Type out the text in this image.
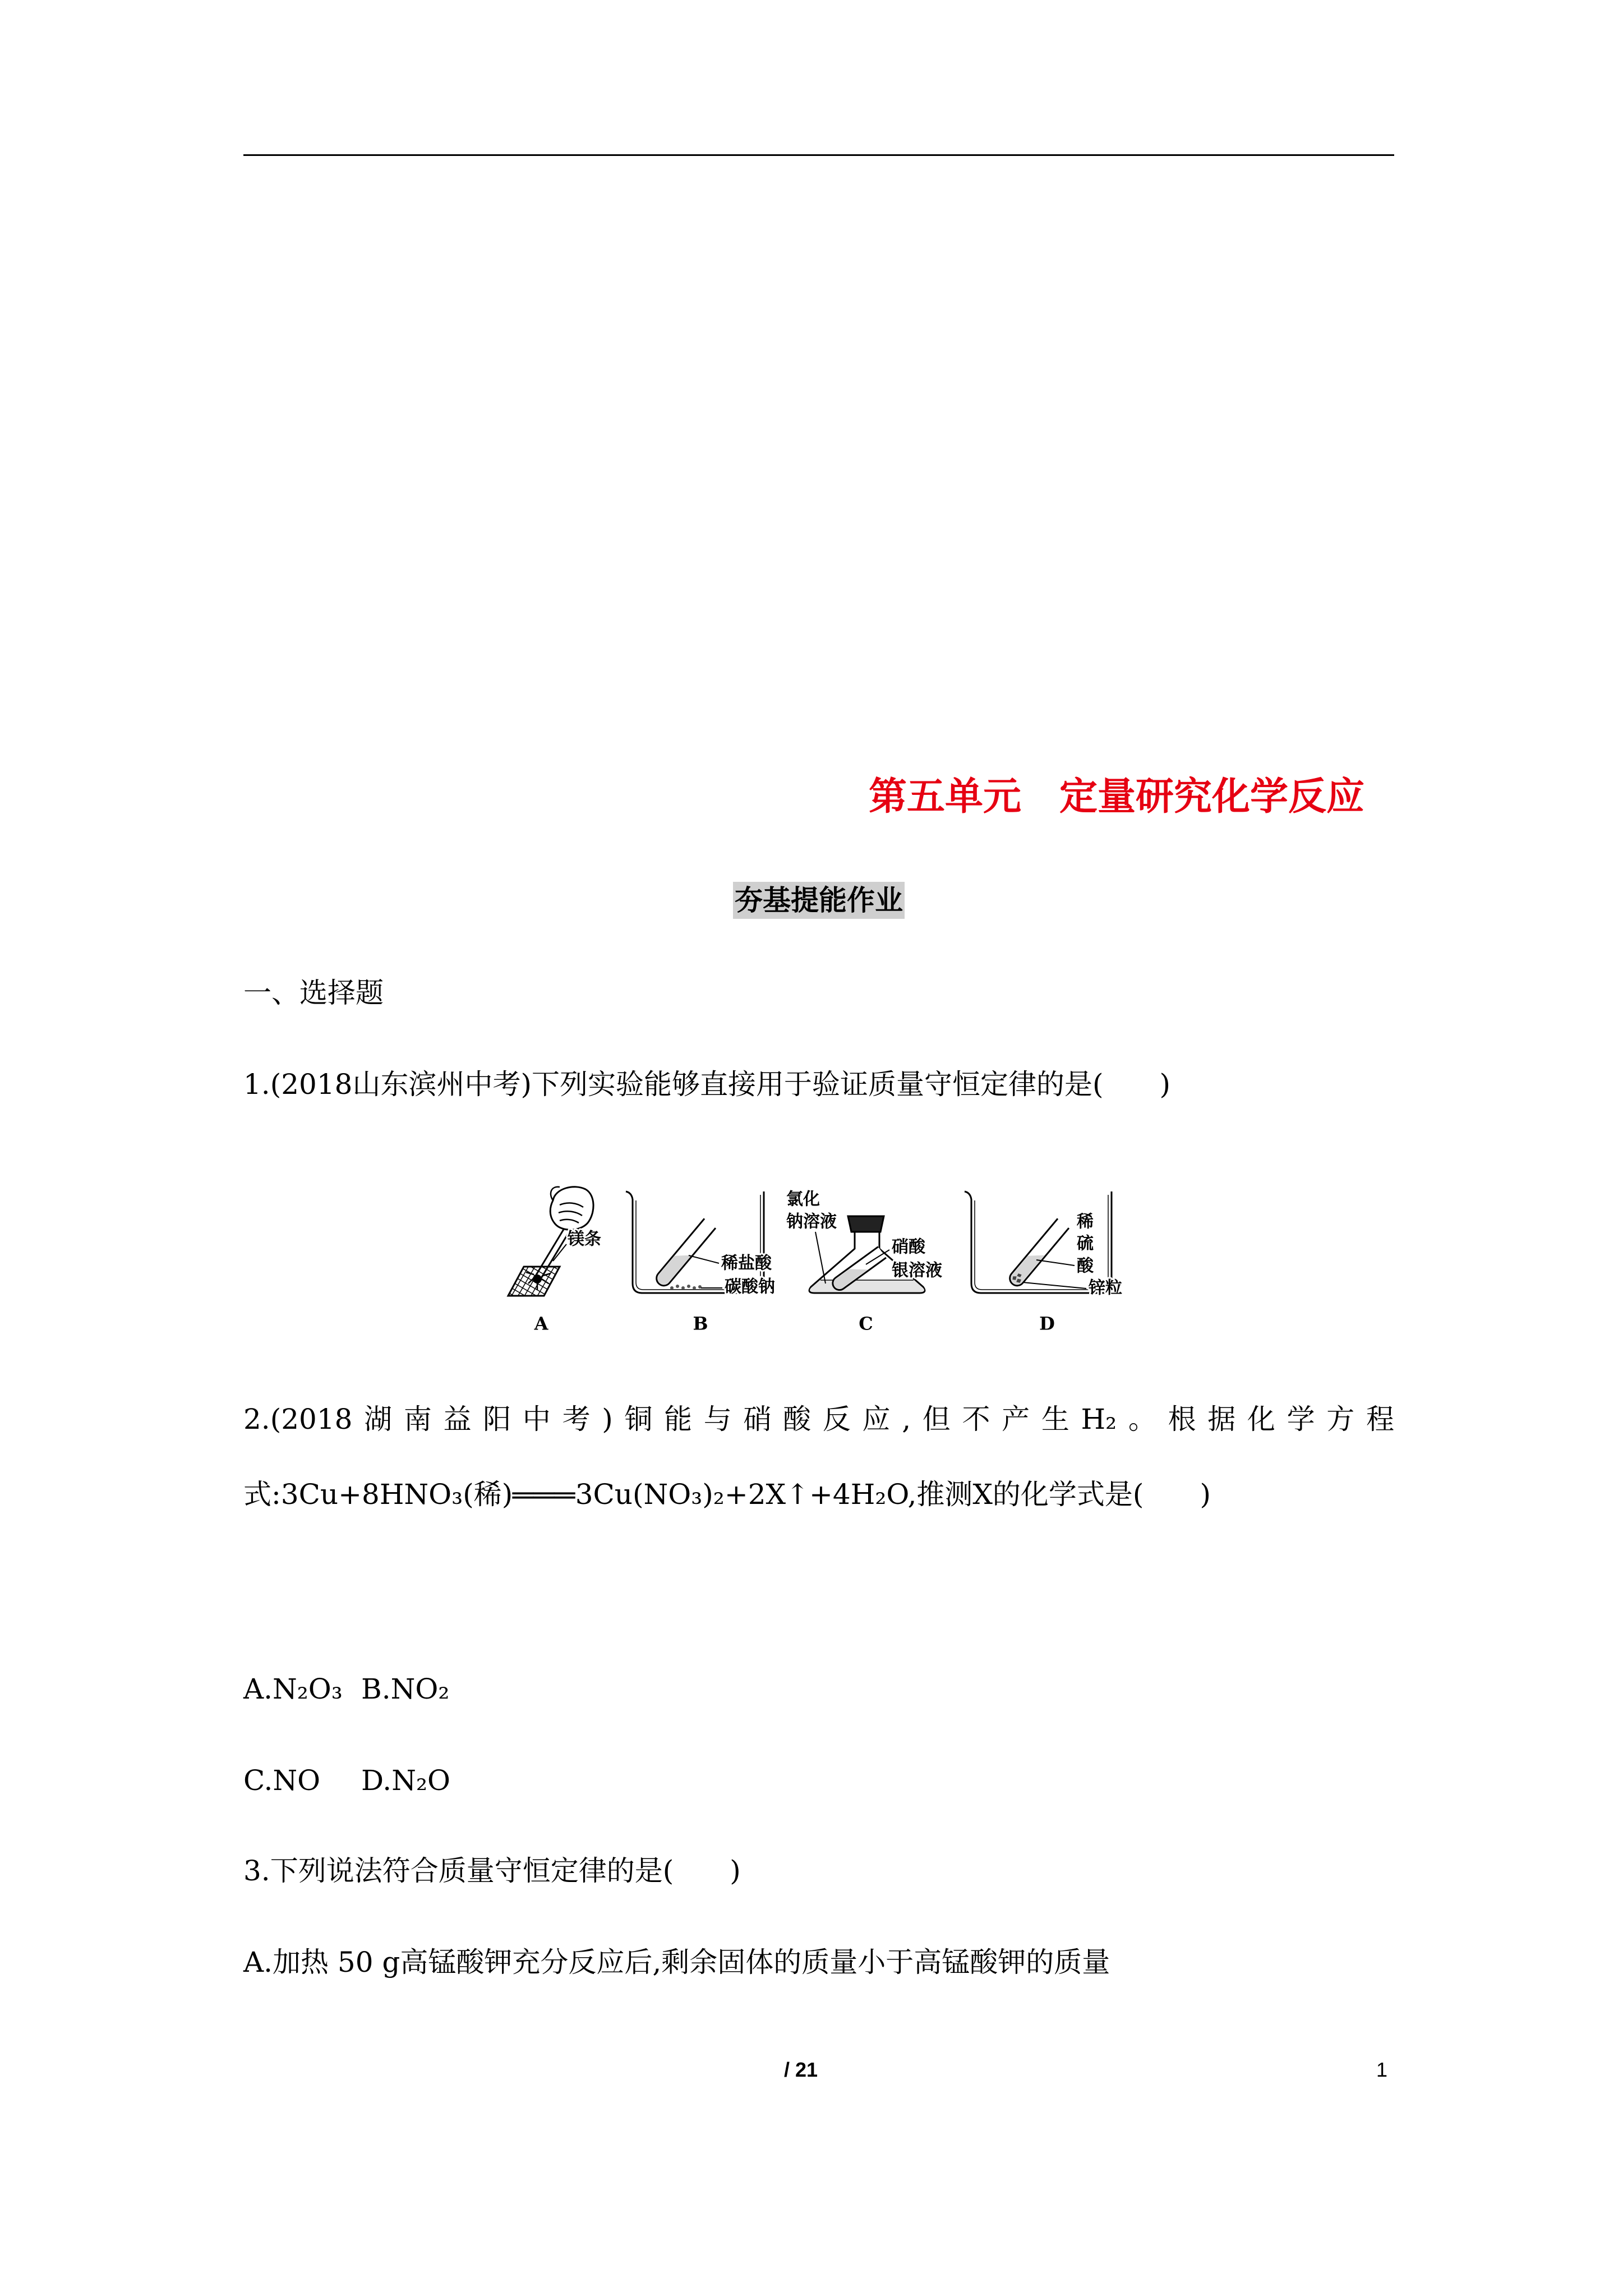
第五单元　定量研究化学反应
夯基提能作业
一、选择题
1.(2018山东滨州中考)下列实验能够直接用于验证质量守恒定律的是(　　)
镁条
A
稀盐酸
碳酸钠
B
氯化
钠溶液
硝酸
银溶液
C
稀
硫
酸
锌粒
D
2.(2018湖南益阳中考)铜能与硝酸反应,但不产生H₂。根据化学方程
式:3Cu+8HNO₃(稀)═══3Cu(NO₃)₂+2X↑+4H₂O,推测X的化学式是(　　)
A.N₂O₃ B.NO₂
C.NO D.N₂O
3.下列说法符合质量守恒定律的是(　　)
A.加热 50 g高锰酸钾充分反应后,剩余固体的质量小于高锰酸钾的质量
/ 21	1
